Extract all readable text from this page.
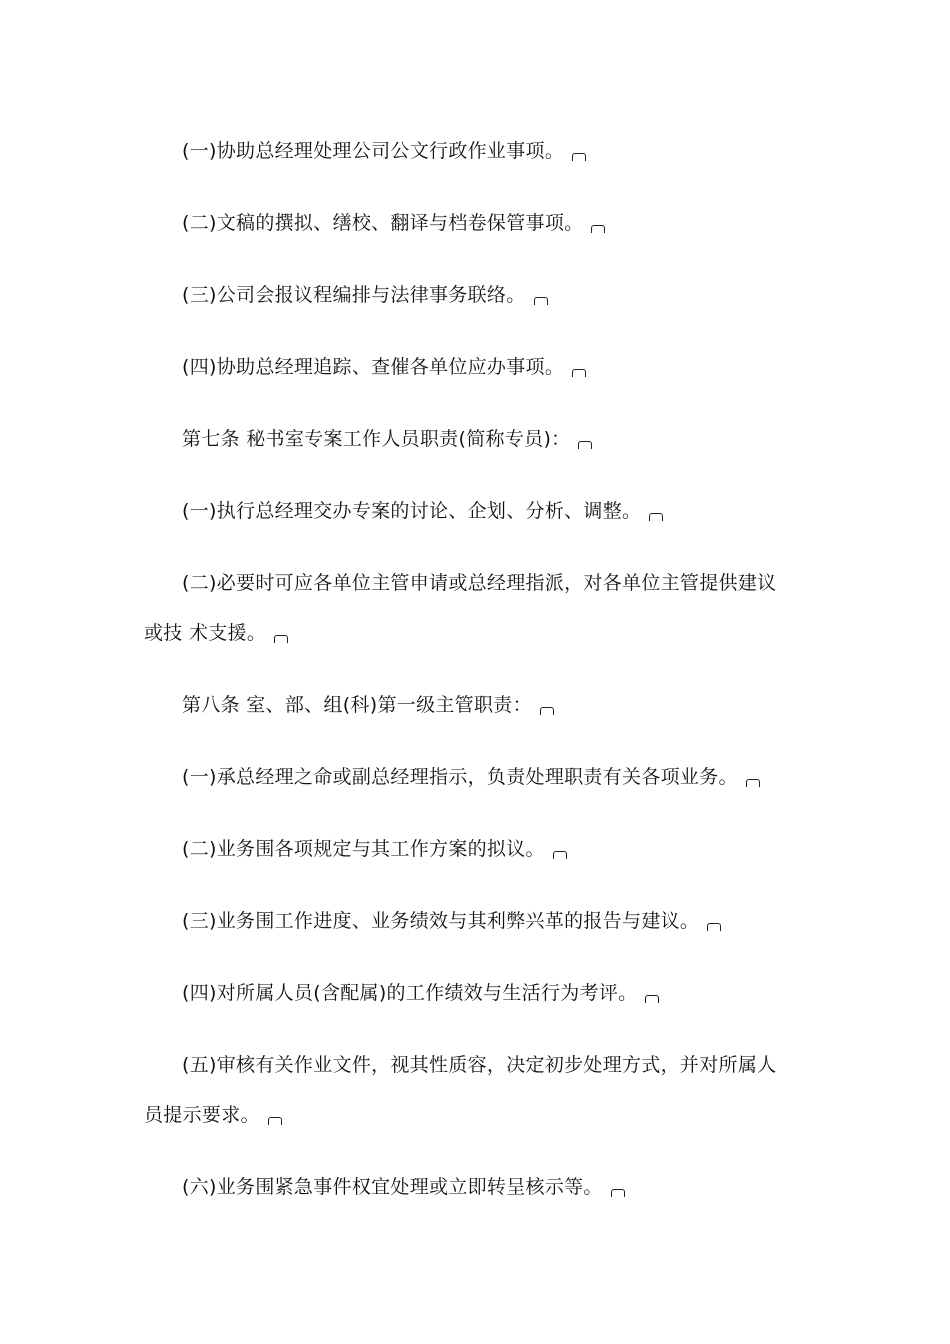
(一)协助总经理处理公司公文行政作业事项。

(二)文稿的撰拟、缮校、翻译与档卷保管事项。

(三)公司会报议程编排与法律事务联络。

(四)协助总经理追踪、查催各单位应办事项。

第七条 秘书室专案工作人员职责(简称专员)：

(一)执行总经理交办专案的讨论、企划、分析、调整。

(二)必要时可应各单位主管申请或总经理指派，对各单位主管提供建议或技 术支援。

第八条 室、部、组(科)第一级主管职责：

(一)承总经理之命或副总经理指示，负责处理职责有关各项业务。

(二)业务围各项规定与其工作方案的拟议。

(三)业务围工作进度、业务绩效与其利弊兴革的报告与建议。

(四)对所属人员(含配属)的工作绩效与生活行为考评。

(五)审核有关作业文件，视其性质容，决定初步处理方式，并对所属人员提示要求。

(六)业务围紧急事件权宜处理或立即转呈核示等。
